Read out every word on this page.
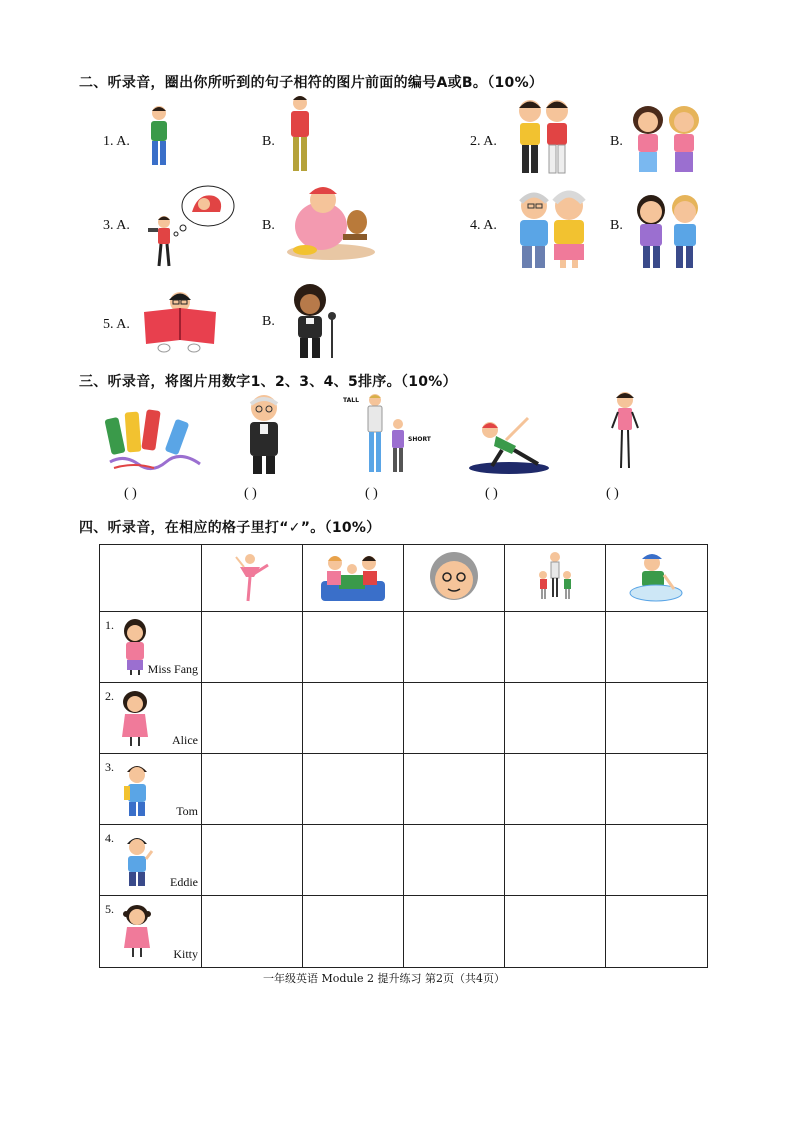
二、听录音，圈出你所听到的句子相符的图片前面的编号A或B。（10%）
1. A.	B.	2. A.	B.
3. A.	B.	4. A.	B.
5. A.	B.
三、听录音，将图片用数字1、2、3、4、5排序。（10%）
TALL
SHORT
( )	( )	( )	( )	( )
四、听录音，在相应的格子里打“✓”。（10%）

1.
Miss Fang					

2.
Alice					

3.
Tom					

4.
Eddie					

5.
Kitty					

一年级英语 Module 2 提升练习 第2页（共4页）
